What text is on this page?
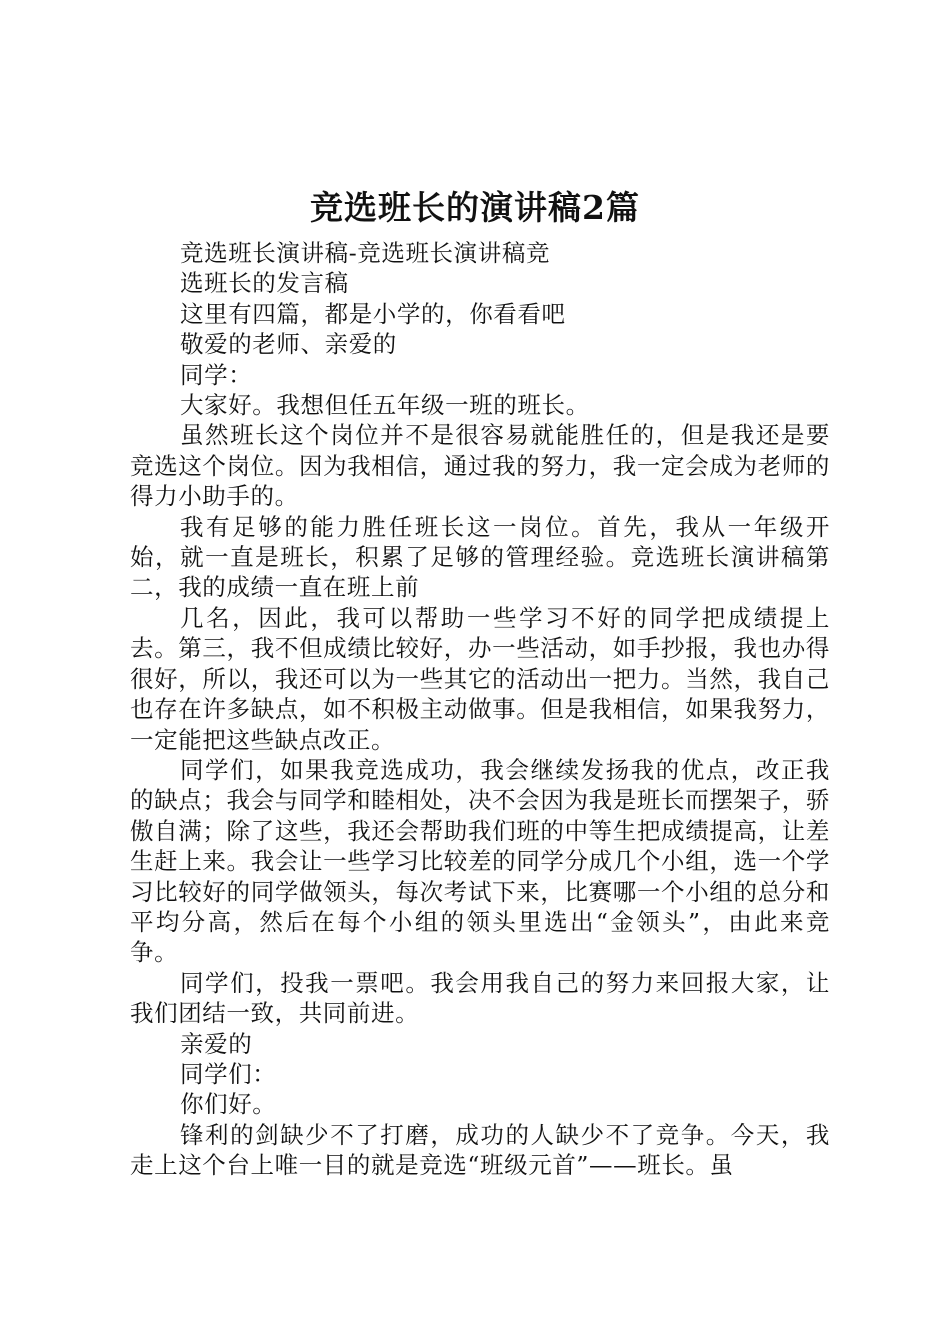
竞选班长的演讲稿2篇

竞选班长演讲稿-竞选班长演讲稿竞

选班长的发言稿

这里有四篇，都是小学的，你看看吧

敬爱的老师、亲爱的

同学：

大家好。我想但任五年级一班的班长。

虽然班长这个岗位并不是很容易就能胜任的，但是我还是要竞选这个岗位。因为我相信，通过我的努力，我一定会成为老师的得力小助手的。

我有足够的能力胜任班长这一岗位。首先，我从一年级开始，就一直是班长，积累了足够的管理经验。竞选班长演讲稿第二，我的成绩一直在班上前

几名，因此，我可以帮助一些学习不好的同学把成绩提上去。第三，我不但成绩比较好，办一些活动，如手抄报，我也办得很好，所以，我还可以为一些其它的活动出一把力。当然，我自己也存在许多缺点，如不积极主动做事。但是我相信，如果我努力，一定能把这些缺点改正。

同学们，如果我竞选成功，我会继续发扬我的优点，改正我的缺点；我会与同学和睦相处，决不会因为我是班长而摆架子，骄傲自满；除了这些，我还会帮助我们班的中等生把成绩提高，让差生赶上来。我会让一些学习比较差的同学分成几个小组，选一个学习比较好的同学做领头，每次考试下来，比赛哪一个小组的总分和平均分高，然后在每个小组的领头里选出“金领头”，由此来竞争。

同学们，投我一票吧。我会用我自己的努力来回报大家，让我们团结一致，共同前进。

亲爱的

同学们：

你们好。

锋利的剑缺少不了打磨，成功的人缺少不了竞争。今天，我走上这个台上唯一目的就是竞选“班级元首”——班长。虽
